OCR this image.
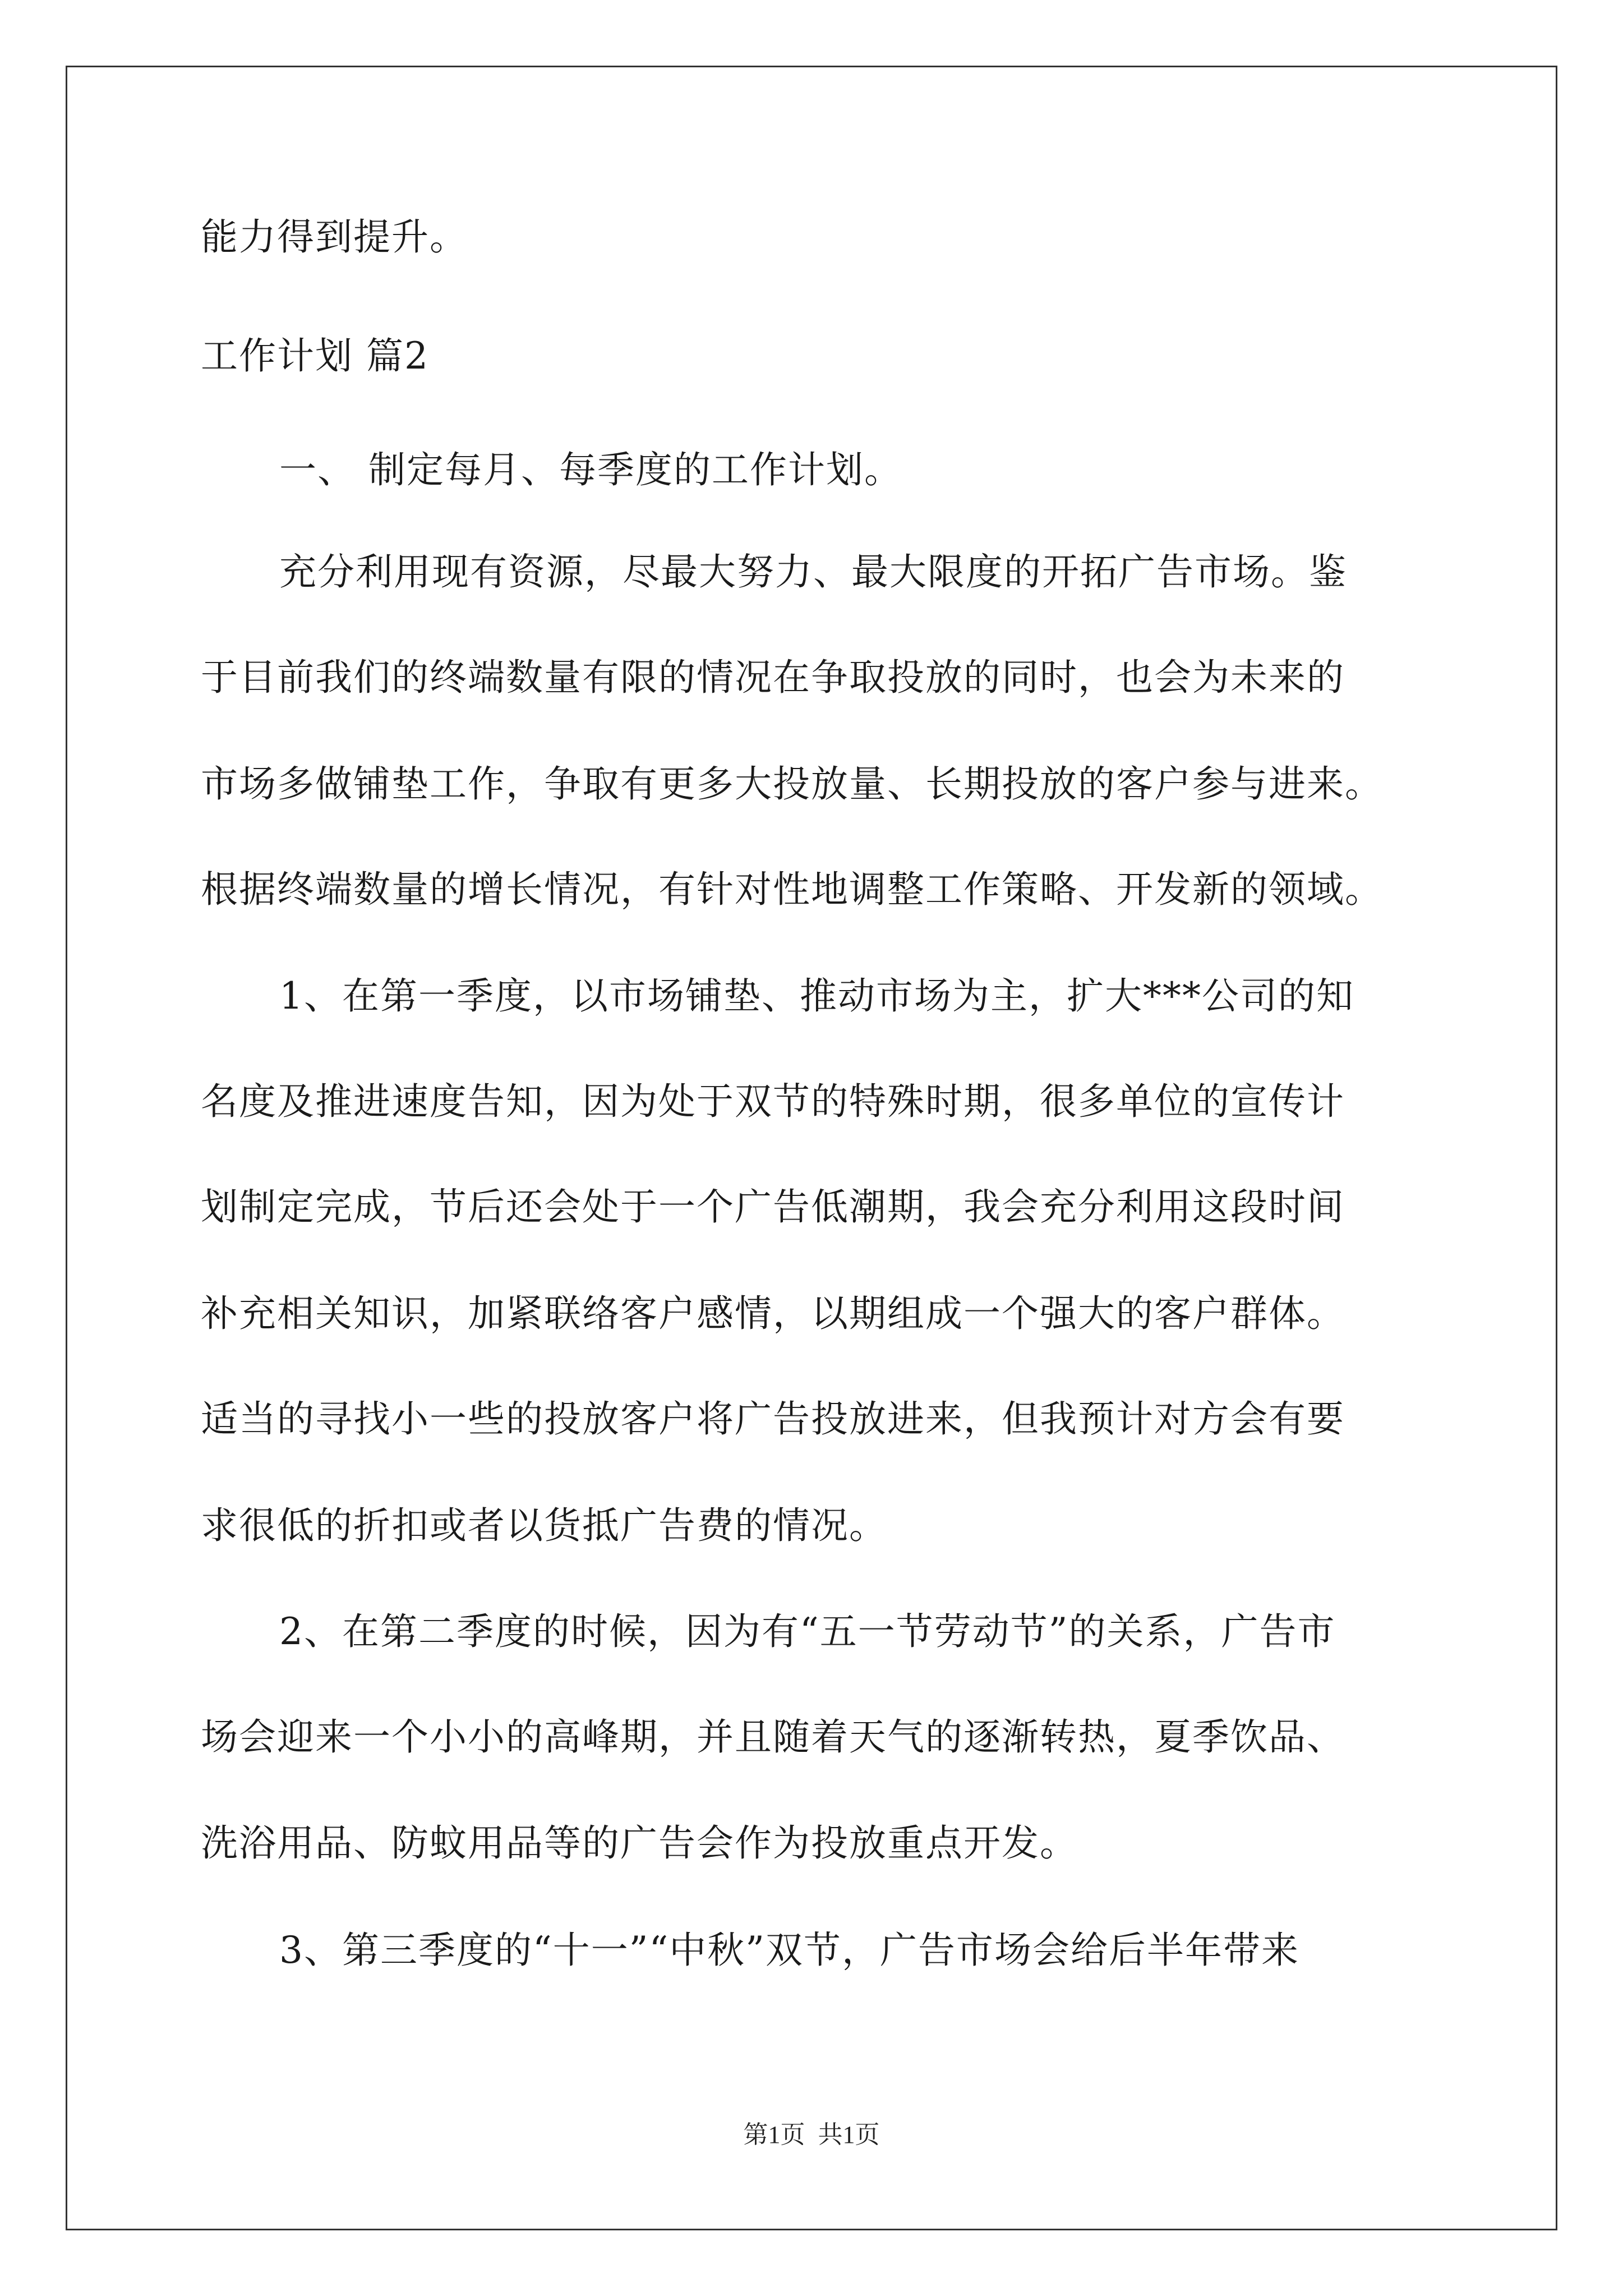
能力得到提升。
工作计划 篇2
一、 制定每月、每季度的工作计划。
充分利用现有资源，尽最大努力、最大限度的开拓广告市场。鉴
于目前我们的终端数量有限的情况在争取投放的同时，也会为未来的
市场多做铺垫工作，争取有更多大投放量、长期投放的客户参与进来。
根据终端数量的增长情况，有针对性地调整工作策略、开发新的领域。
1、在第一季度，以市场铺垫、推动市场为主，扩大***公司的知
名度及推进速度告知，因为处于双节的特殊时期，很多单位的宣传计
划制定完成，节后还会处于一个广告低潮期，我会充分利用这段时间
补充相关知识，加紧联络客户感情，以期组成一个强大的客户群体。
适当的寻找小一些的投放客户将广告投放进来，但我预计对方会有要
求很低的折扣或者以货抵广告费的情况。
2、在第二季度的时候，因为有“五一节劳动节”的关系，广告市
场会迎来一个小小的高峰期，并且随着天气的逐渐转热，夏季饮品、
洗浴用品、防蚊用品等的广告会作为投放重点开发。
3、第三季度的“十一”“中秋”双节，广告市场会给后半年带来
第1页 共1页
